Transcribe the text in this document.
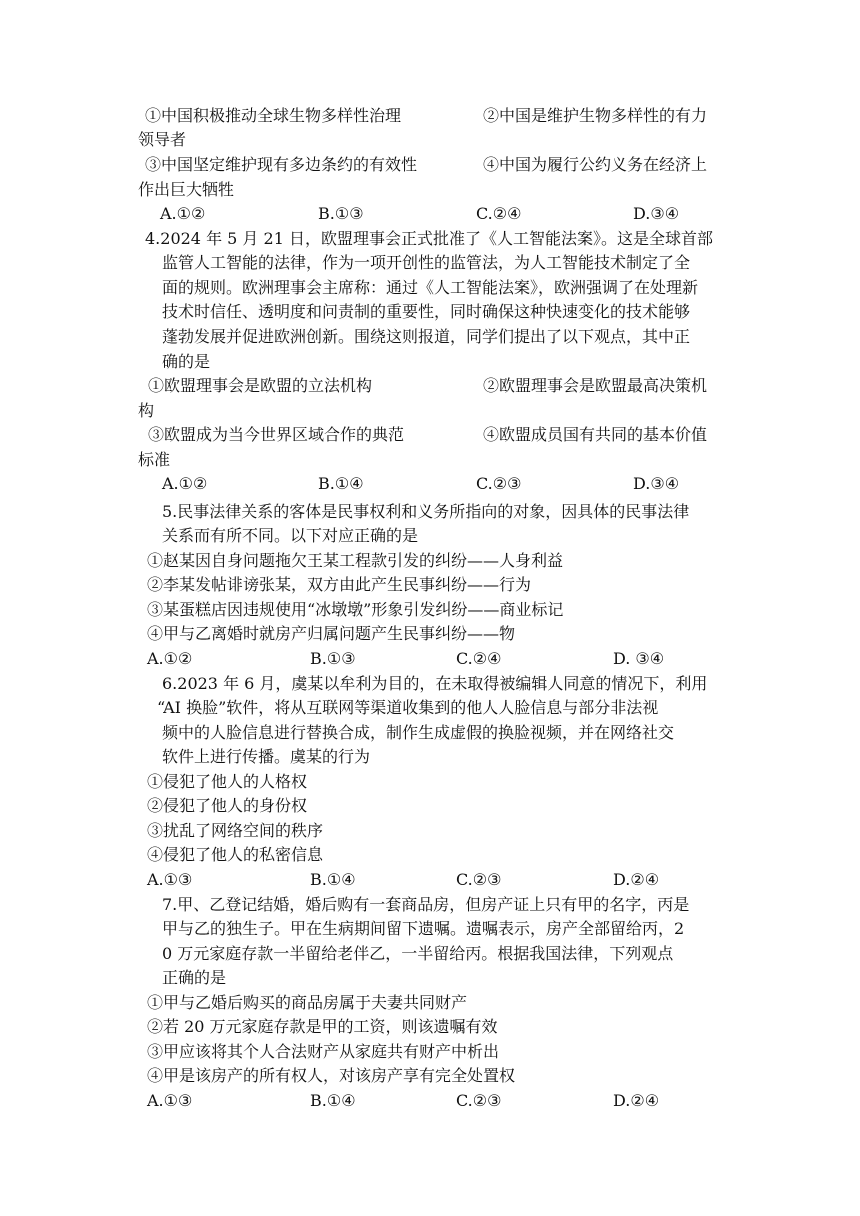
①中国积极推动全球生物多样性治理	②中国是维护生物多样性的有力
领导者
③中国坚定维护现有多边条约的有效性	④中国为履行公约义务在经济上
作出巨大牺牲
A.①②	B.①③	C.②④	D.③④
4.2024 年 5 月 21 日，欧盟理事会正式批准了《人工智能法案》。这是全球首部
监管人工智能的法律，作为一项开创性的监管法，为人工智能技术制定了全
面的规则。欧洲理事会主席称：通过《人工智能法案》，欧洲强调了在处理新
技术时信任、透明度和问责制的重要性，同时确保这种快速变化的技术能够
蓬勃发展并促进欧洲创新。围绕这则报道，同学们提出了以下观点，其中正
确的是
①欧盟理事会是欧盟的立法机构	②欧盟理事会是欧盟最高决策机
构
③欧盟成为当今世界区域合作的典范	④欧盟成员国有共同的基本价值
标准
A.①②	B.①④	C.②③	D.③④
5.民事法律关系的客体是民事权利和义务所指向的对象，因具体的民事法律
关系而有所不同。以下对应正确的是
①赵某因自身问题拖欠王某工程款引发的纠纷——人身利益
②李某发帖诽谤张某，双方由此产生民事纠纷——行为
③某蛋糕店因违规使用“冰墩墩”形象引发纠纷——商业标记
④甲与乙离婚时就房产归属问题产生民事纠纷——物
A.①②	B.①③	C.②④	D. ③④
6.2023 年 6 月，虞某以牟利为目的，在未取得被编辑人同意的情况下，利用
“AI 换脸”软件，将从互联网等渠道收集到的他人人脸信息与部分非法视
频中的人脸信息进行替换合成，制作生成虚假的换脸视频，并在网络社交
软件上进行传播。虞某的行为
①侵犯了他人的人格权
②侵犯了他人的身份权
③扰乱了网络空间的秩序
④侵犯了他人的私密信息
A.①③	B.①④	C.②③	D.②④
7.甲、乙登记结婚，婚后购有一套商品房，但房产证上只有甲的名字，丙是
甲与乙的独生子。甲在生病期间留下遗嘱。遗嘱表示，房产全部留给丙，2
0 万元家庭存款一半留给老伴乙，一半留给丙。根据我国法律，下列观点
正确的是
①甲与乙婚后购买的商品房属于夫妻共同财产
②若 20 万元家庭存款是甲的工资，则该遗嘱有效
③甲应该将其个人合法财产从家庭共有财产中析出
④甲是该房产的所有权人，对该房产享有完全处置权
A.①③	B.①④	C.②③	D.②④
